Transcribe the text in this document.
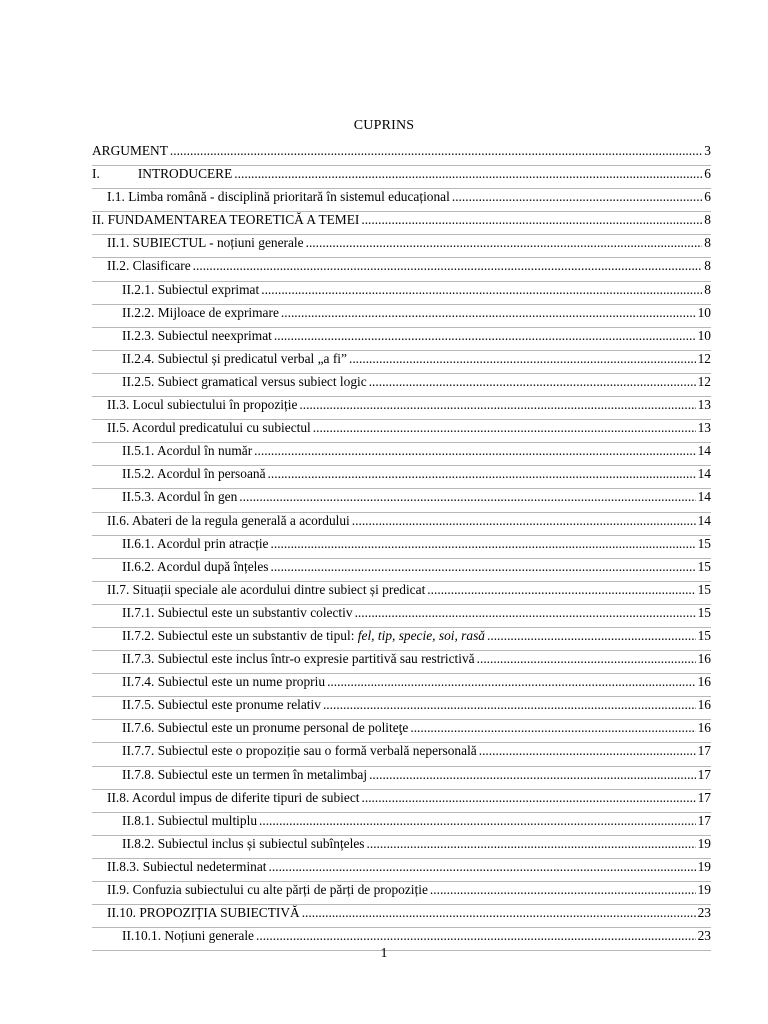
CUPRINS
ARGUMENT .....	3
I.	INTRODUCERE .....	6
I.1. Limba română - disciplină prioritară în sistemul educațional .....	6
II. FUNDAMENTAREA TEORETICĂ A TEMEI .....	8
II.1. SUBIECTUL - noțiuni generale .....	8
II.2. Clasificare .....	8
II.2.1. Subiectul exprimat .....	8
II.2.2. Mijloace de exprimare .....	10
II.2.3. Subiectul neexprimat .....	10
II.2.4. Subiectul și predicatul verbal „a fi” .....	12
II.2.5. Subiect gramatical versus subiect logic .....	12
II.3. Locul subiectului în propoziție .....	13
II.5. Acordul predicatului cu subiectul .....	13
II.5.1. Acordul în număr .....	14
II.5.2. Acordul în persoană .....	14
II.5.3. Acordul în gen .....	14
II.6. Abateri de la regula generală a acordului .....	14
II.6.1. Acordul prin atracție .....	15
II.6.2. Acordul după înțeles .....	15
II.7. Situații speciale ale acordului dintre subiect și predicat .....	15
II.7.1. Subiectul este un substantiv colectiv .....	15
II.7.2. Subiectul este un substantiv de tipul: fel, tip, specie, soi, rasă .....	15
II.7.3. Subiectul este inclus într-o expresie partitivă sau restrictivă .....	16
II.7.4. Subiectul este un nume propriu .....	16
II.7.5. Subiectul este pronume relativ .....	16
II.7.6. Subiectul este un pronume personal de politeţe .....	16
II.7.7. Subiectul este o propoziție sau o formă verbală nepersonală .....	17
II.7.8. Subiectul este un termen în metalimbaj .....	17
II.8. Acordul impus de diferite tipuri de subiect .....	17
II.8.1. Subiectul multiplu .....	17
II.8.2. Subiectul inclus și subiectul subînțeles .....	19
II.8.3. Subiectul nedeterminat .....	19
II.9. Confuzia subiectului cu alte părți de părți de propoziție .....	19
II.10. PROPOZIȚIA SUBIECTIVĂ .....	23
II.10.1. Noțiuni generale .....	23
1
